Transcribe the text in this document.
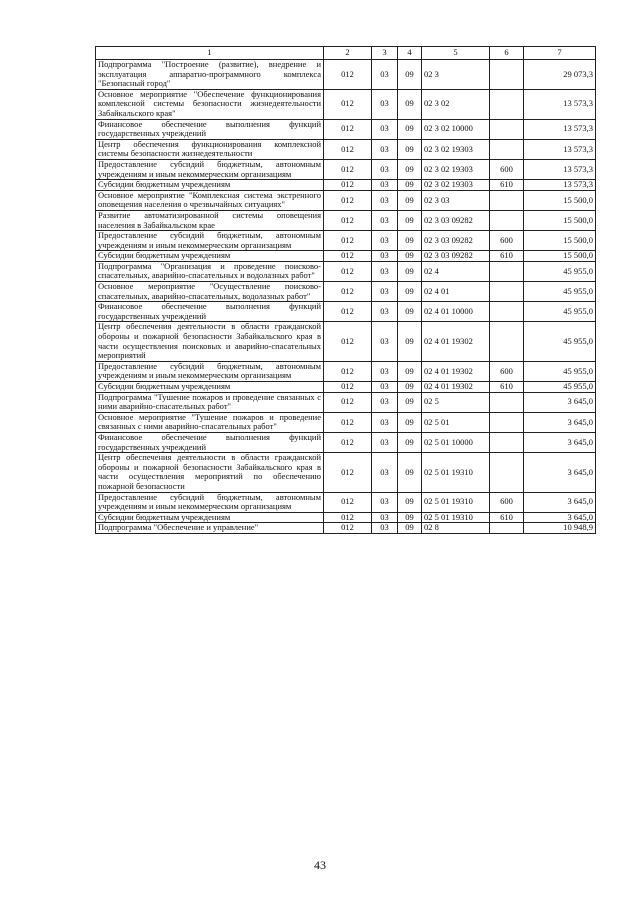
1	2	3	4	5	6	7
Подпрограмма "Построение (развитие), внедрение и эксплуатация аппаратно-программного комплекса "Безопасный город"	012	03	09	02 3		29 073,3
Основное мероприятие "Обеспечение функционирования комплексной системы безопасности жизнедеятельности Забайкальского края"	012	03	09	02 3 02		13 573,3
Финансовое обеспечение выполнения функций государственных учреждений	012	03	09	02 3 02 10000		13 573,3
Центр обеспечения функционирования комплексной системы безопасности жизнедеятельности	012	03	09	02 3 02 19303		13 573,3
Предоставление субсидий бюджетным, автономным учреждениям и иным некоммерческим организациям	012	03	09	02 3 02 19303	600	13 573,3
Субсидии бюджетным учреждениям	012	03	09	02 3 02 19303	610	13 573,3
Основное мероприятие "Комплексная система экстренного оповещения населения о чрезвычайных ситуациях"	012	03	09	02 3 03		15 500,0
Развитие автоматизированной системы оповещения населения в Забайкальском крае	012	03	09	02 3 03 09282		15 500,0
Предоставление субсидий бюджетным, автономным учреждениям и иным некоммерческим организациям	012	03	09	02 3 03 09282	600	15 500,0
Субсидии бюджетным учреждениям	012	03	09	02 3 03 09282	610	15 500,0
Подпрограмма "Организация и проведение поисково-спасательных, аварийно-спасательных и водолазных работ"	012	03	09	02 4		45 955,0
Основное мероприятие "Осуществление поисково-спасательных, аварийно-спасательных, водолазных работ"	012	03	09	02 4 01		45 955,0
Финансовое обеспечение выполнения функций государственных учреждений	012	03	09	02 4 01 10000		45 955,0
Центр обеспечения деятельности в области гражданской обороны и пожарной безопасности Забайкальского края в части осуществления поисковых и аварийно-спасательных мероприятий	012	03	09	02 4 01 19302		45 955,0
Предоставление субсидий бюджетным, автономным учреждениям и иным некоммерческим организациям	012	03	09	02 4 01 19302	600	45 955,0
Субсидии бюджетным учреждениям	012	03	09	02 4 01 19302	610	45 955,0
Подпрограмма "Тушение пожаров и проведение связанных с ними аварийно-спасательных работ"	012	03	09	02 5		3 645,0
Основное мероприятие "Тушение пожаров и проведение связанных с ними аварийно-спасательных работ"	012	03	09	02 5 01		3 645,0
Финансовое обеспечение выполнения функций государственных учреждений	012	03	09	02 5 01 10000		3 645,0
Центр обеспечения деятельности в области гражданской обороны и пожарной безопасности Забайкальского края в части осуществления мероприятий по обеспечению пожарной безопасности	012	03	09	02 5 01 19310		3 645,0
Предоставление субсидий бюджетным, автономным учреждениям и иным некоммерческим организациям	012	03	09	02 5 01 19310	600	3 645,0
Субсидии бюджетным учреждениям	012	03	09	02 5 01 19310	610	3 645,0
Подпрограмма "Обеспечение и управление"	012	03	09	02 8		10 948,9
43
